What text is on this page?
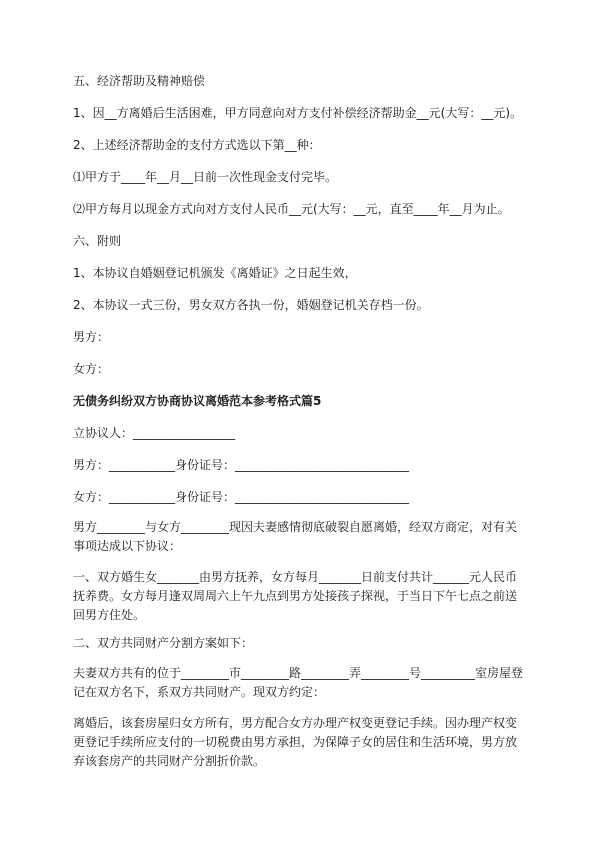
五、经济帮助及精神赔偿
1、因__方离婚后生活困难，甲方同意向对方支付补偿经济帮助金__元(大写：__元)。
2、上述经济帮助金的支付方式选以下第__种：
⑴甲方于____年__月__日前一次性现金支付完毕。
⑵甲方每月以现金方式向对方支付人民币__元(大写：__元，直至____年__月为止。
六、附则
1、本协议自婚姻登记机颁发《离婚证》之日起生效，
2、本协议一式三份，男女双方各执一份，婚姻登记机关存档一份。
男方：
女方：
无债务纠纷双方协商协议离婚范本参考格式篇5
立协议人：_________________
男方：___________身份证号：_____________________________
女方：___________身份证号：_____________________________
男方________与女方________现因夫妻感情彻底破裂自愿离婚，经双方商定，对有关事项达成以下协议：
一、双方婚生女_______由男方抚养，女方每月_______日前支付共计______元人民币抚养费。女方每月逢双周周六上午九点到男方处接孩子探视，于当日下午七点之前送回男方住处。
二、双方共同财产分割方案如下：
夫妻双方共有的位于________市________路________弄________号_________室房屋登记在双方名下，系双方共同财产。现双方约定：
离婚后，该套房屋归女方所有，男方配合女方办理产权变更登记手续。因办理产权变更登记手续所应支付的一切税费由男方承担，为保障子女的居住和生活环境，男方放弃该套房产的共同财产分割折价款。
